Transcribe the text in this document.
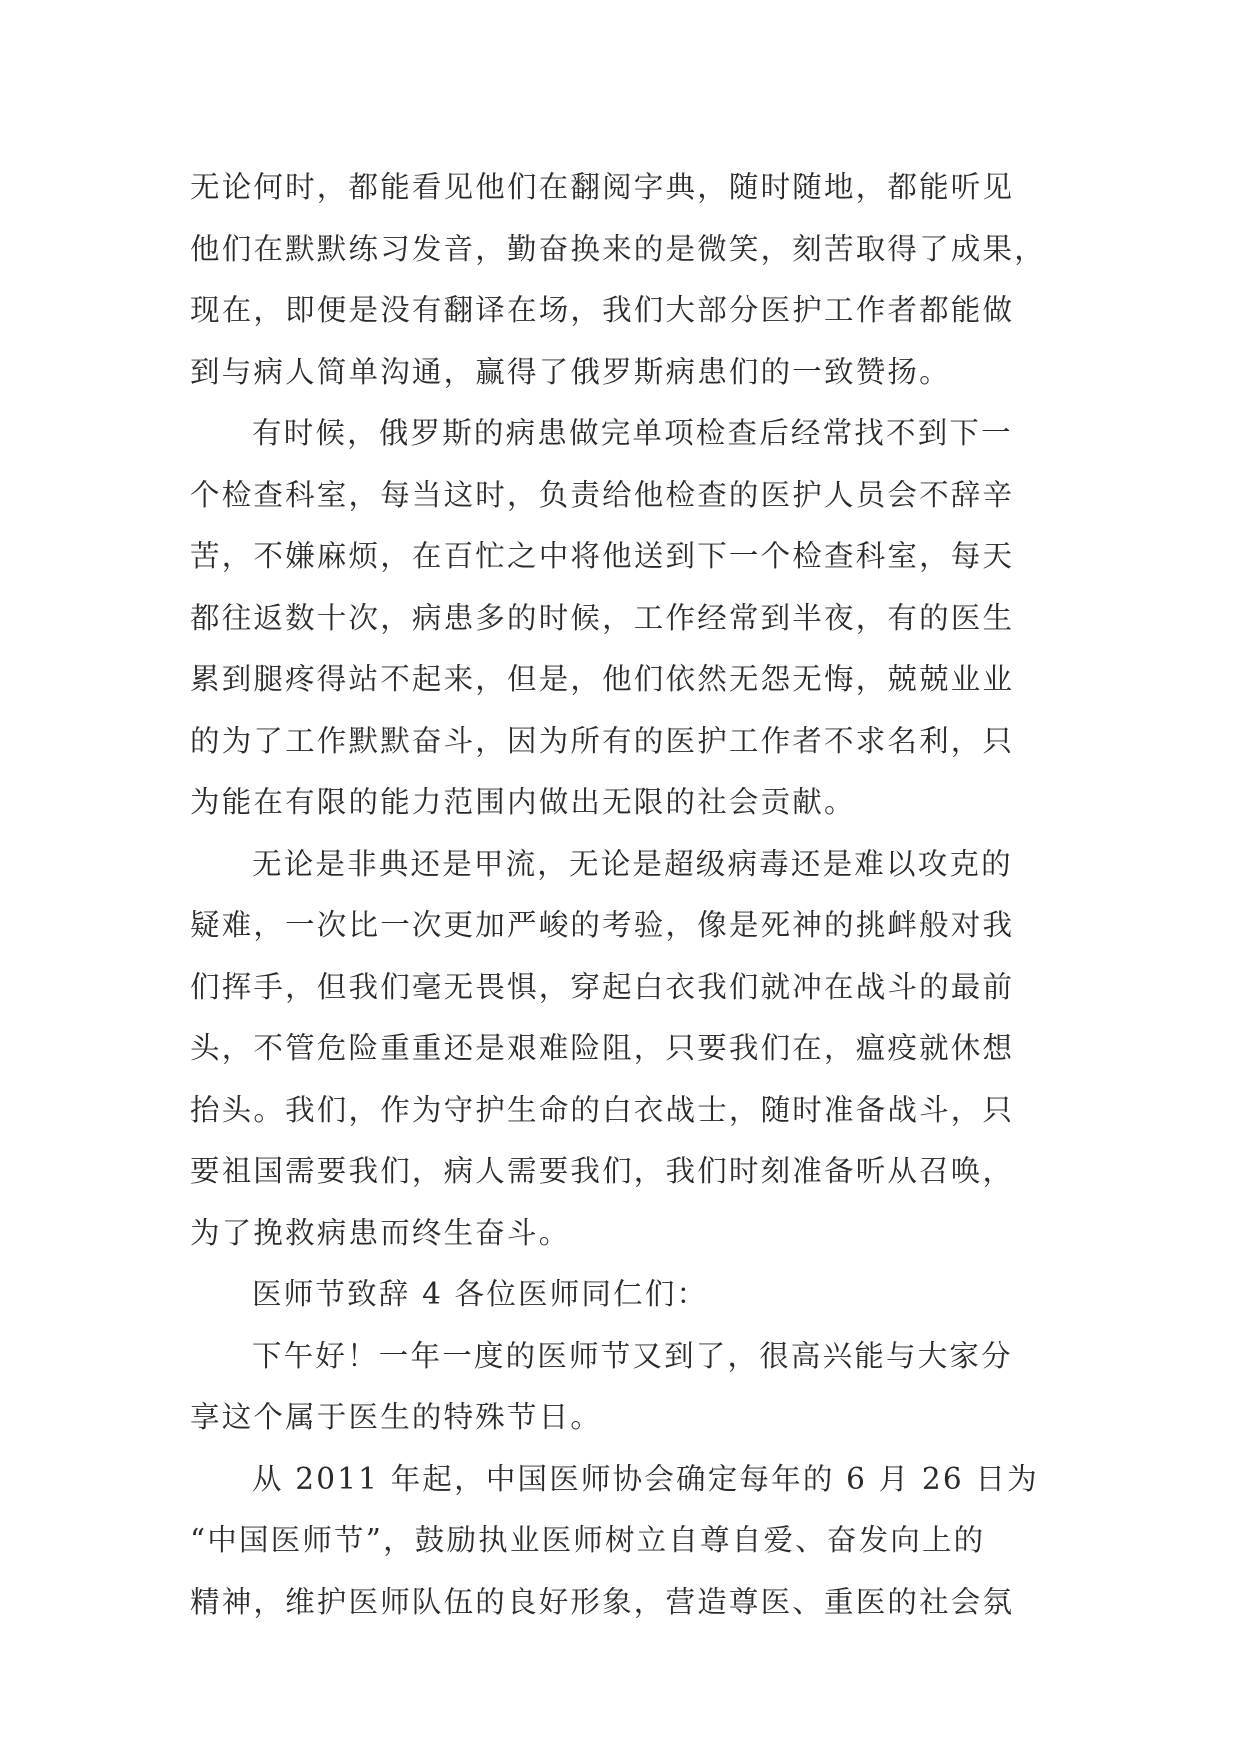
无论何时，都能看见他们在翻阅字典，随时随地，都能听见
他们在默默练习发音，勤奋换来的是微笑，刻苦取得了成果，
现在，即便是没有翻译在场，我们大部分医护工作者都能做
到与病人简单沟通，赢得了俄罗斯病患们的一致赞扬。
有时候，俄罗斯的病患做完单项检查后经常找不到下一
个检查科室，每当这时，负责给他检查的医护人员会不辞辛
苦，不嫌麻烦，在百忙之中将他送到下一个检查科室，每天
都往返数十次，病患多的时候，工作经常到半夜，有的医生
累到腿疼得站不起来，但是，他们依然无怨无悔，兢兢业业
的为了工作默默奋斗，因为所有的医护工作者不求名利，只
为能在有限的能力范围内做出无限的社会贡献。
无论是非典还是甲流，无论是超级病毒还是难以攻克的
疑难，一次比一次更加严峻的考验，像是死神的挑衅般对我
们挥手，但我们毫无畏惧，穿起白衣我们就冲在战斗的最前
头，不管危险重重还是艰难险阻，只要我们在，瘟疫就休想
抬头。我们，作为守护生命的白衣战士，随时准备战斗，只
要祖国需要我们，病人需要我们，我们时刻准备听从召唤，
为了挽救病患而终生奋斗。
医师节致辞 4 各位医师同仁们：
下午好！一年一度的医师节又到了，很高兴能与大家分
享这个属于医生的特殊节日。
从 2011 年起，中国医师协会确定每年的 6 月 26 日为
“中国医师节”，鼓励执业医师树立自尊自爱、奋发向上的
精神，维护医师队伍的良好形象，营造尊医、重医的社会氛
